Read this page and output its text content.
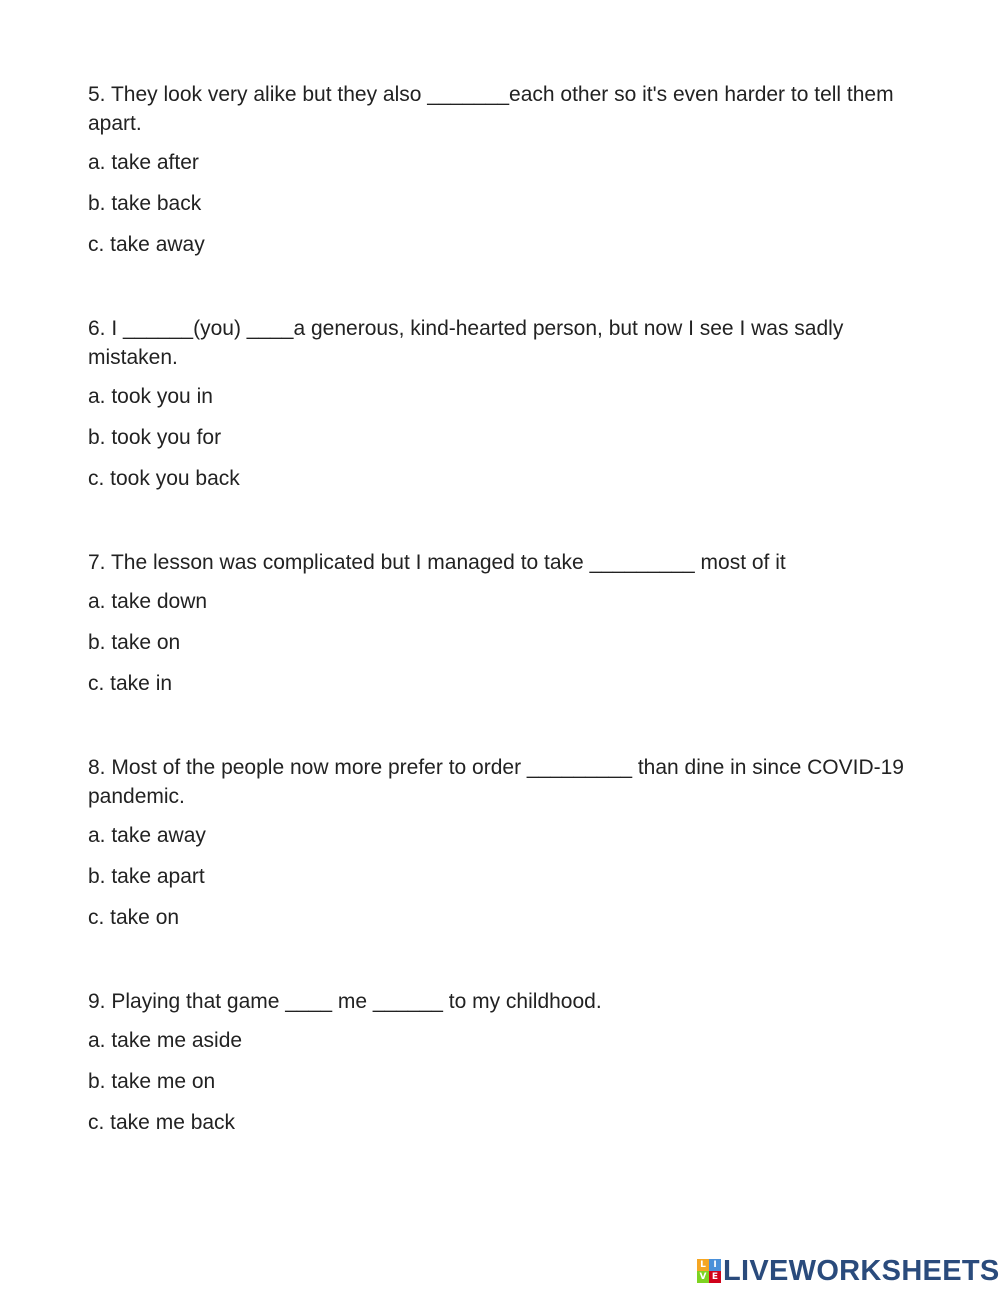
5. They look very alike but they also _______each other so it's even harder to tell them apart.

a. take after
b. take back
c. take away

6. I ______(you) ____a generous, kind-hearted person, but now I see I was sadly mistaken.

a. took you in
b. took you for
c. took you back

7. The lesson was complicated but I managed to take _________ most of it

a. take down
b. take on
c. take in

8. Most of the people now more prefer to order _________ than dine in since COVID-19 pandemic.

a. take away
b. take apart
c. take on

9. Playing that game ____ me ______ to my childhood.

a. take me aside
b. take me on
c. take me back
L I
V E LIVEWORKSHEETS
